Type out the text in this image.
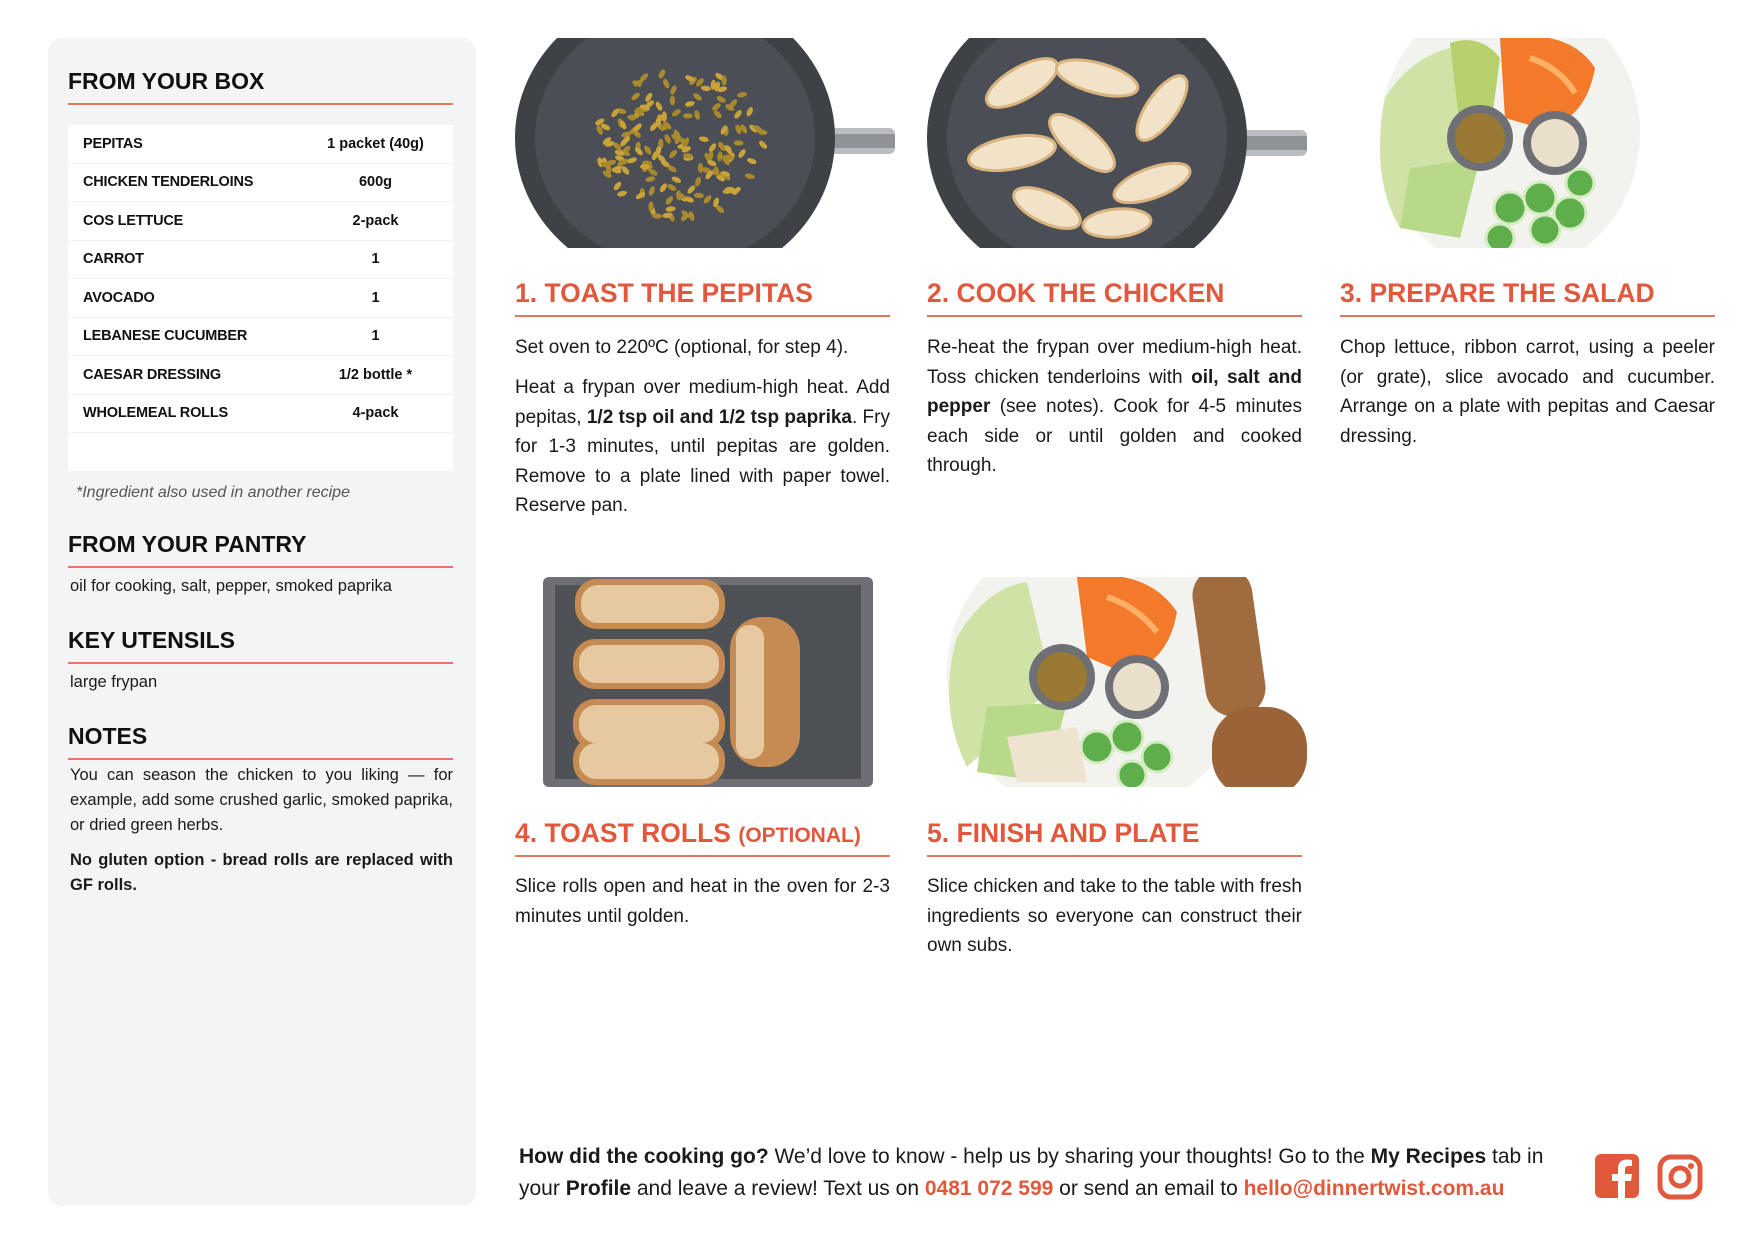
FROM YOUR BOX
PEPITAS	1 packet (40g)
CHICKEN TENDERLOINS	600g
COS LETTUCE	2-pack
CARROT	1
AVOCADO	1
LEBANESE CUCUMBER	1
CAESAR DRESSING	1/2 bottle *
WHOLEMEAL ROLLS	4-pack

*Ingredient also used in another recipe
FROM YOUR PANTRY

oil for cooking, salt, pepper, smoked paprika

KEY UTENSILS

large frypan

NOTES

You can season the chicken to you liking — for example, add some crushed garlic, smoked paprika, or dried green herbs.

No gluten option - bread rolls are replaced with GF rolls.

1. TOAST THE PEPITAS

Set oven to 220ºC (optional, for step 4).

Heat a frypan over medium-high heat. Add pepitas, 1/2 tsp oil and 1/2 tsp paprika. Fry for 1-3 minutes, until pepitas are golden. Remove to a plate lined with paper towel. Reserve pan.

2. COOK THE CHICKEN

Re-heat the frypan over medium-high heat. Toss chicken tenderloins with oil, salt and pepper (see notes). Cook for 4-5 minutes each side or until golden and cooked through.

3. PREPARE THE SALAD

Chop lettuce, ribbon carrot, using a peeler (or grate), slice avocado and cucumber. Arrange on a plate with pepitas and Caesar dressing.

4. TOAST ROLLS (OPTIONAL)

Slice rolls open and heat in the oven for 2-3 minutes until golden.

5. FINISH AND PLATE

Slice chicken and take to the table with fresh ingredients so everyone can construct their own subs.

How did the cooking go? We’d love to know - help us by sharing your thoughts! Go to the My Recipes tab in your Profile and leave a review! Text us on 0481 072 599 or send an email to hello@dinnertwist.com.au
